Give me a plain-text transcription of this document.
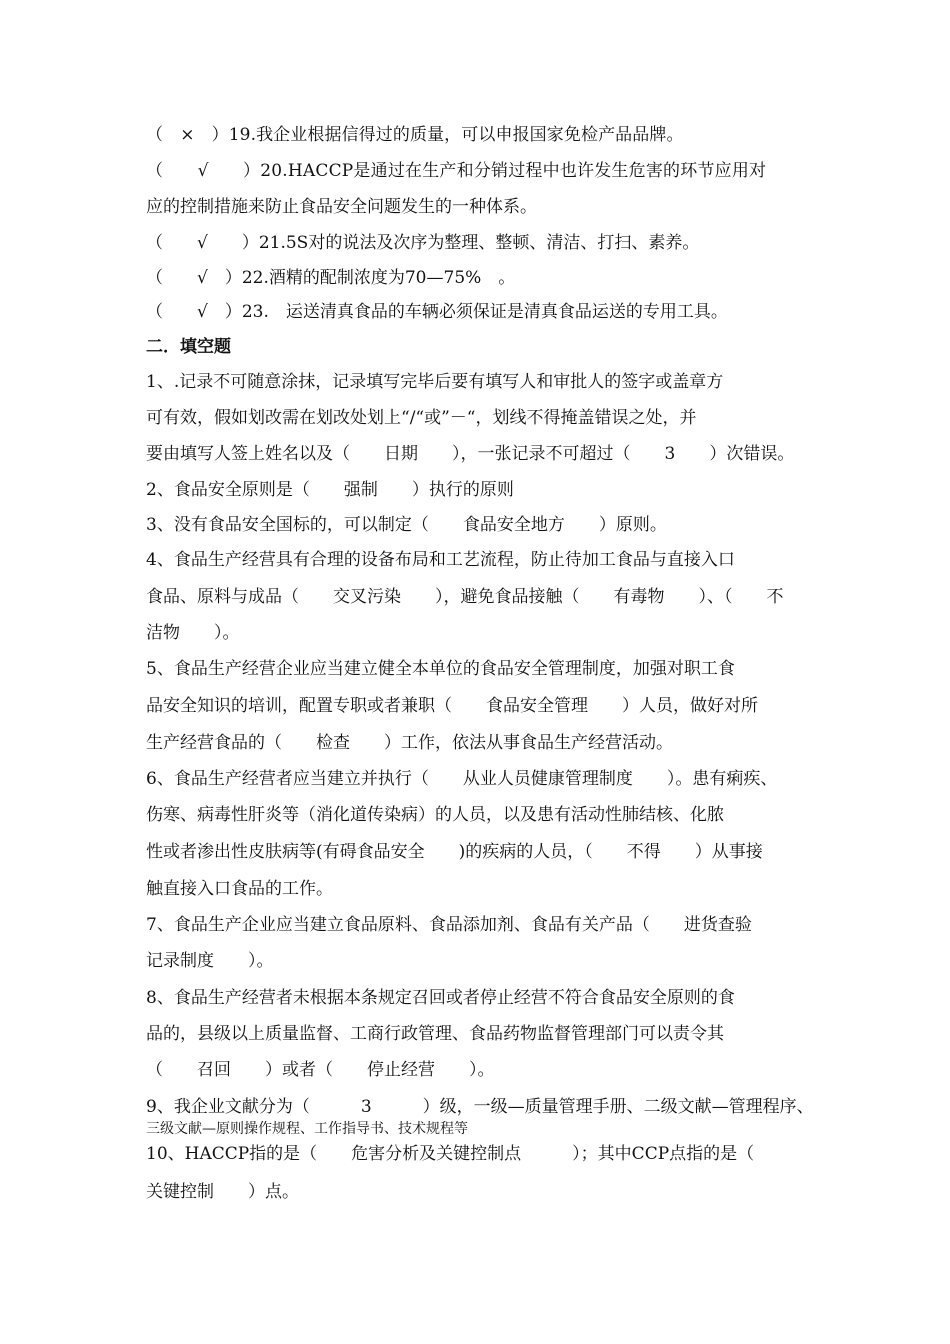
（　×　）19.我企业根据信得过的质量，可以申报国家免检产品品牌。
（　　√　　）20.HACCP是通过在生产和分销过程中也许发生危害的环节应用对
应的控制措施来防止食品安全问题发生的一种体系。
（　　√　　）21.5S对的说法及次序为整理、整顿、清洁、打扫、素养。
（　　√　）22.酒精的配制浓度为70—75%　。
（　　√　）23.　运送清真食品的车辆必须保证是清真食品运送的专用工具。
二．填空题
1、.记录不可随意涂抹，记录填写完毕后要有填写人和审批人的签字或盖章方
可有效，假如划改需在划改处划上“/“或”－“，划线不得掩盖错误之处，并
要由填写人签上姓名以及（　　日期　　），一张记录不可超过（　　3　　）次错误。
2、食品安全原则是（　　强制　　）执行的原则
3、没有食品安全国标的，可以制定（　　食品安全地方　　）原则。
4、食品生产经营具有合理的设备布局和工艺流程，防止待加工食品与直接入口
食品、原料与成品（　　交叉污染　　），避免食品接触（　　有毒物　　）、（　　不
洁物　　）。
5、食品生产经营企业应当建立健全本单位的食品安全管理制度，加强对职工食
品安全知识的培训，配置专职或者兼职（　　食品安全管理　　）人员，做好对所
生产经营食品的（　　检查　　）工作，依法从事食品生产经营活动。
6、食品生产经营者应当建立并执行（　　从业人员健康管理制度　　）。患有痢疾、
伤寒、病毒性肝炎等（消化道传染病）的人员，以及患有活动性肺结核、化脓
性或者渗出性皮肤病等(有碍食品安全　　)的疾病的人员，（　　不得　　）从事接
触直接入口食品的工作。
7、食品生产企业应当建立食品原料、食品添加剂、食品有关产品（　　进货查验
记录制度　　）。
8、食品生产经营者未根据本条规定召回或者停止经营不符合食品安全原则的食
品的，县级以上质量监督、工商行政管理、食品药物监督管理部门可以责令其
（　　召回　　）或者（　　停止经营　　）。
9、我企业文献分为（　　　3　　　）级，一级—质量管理手册、二级文献—管理程序、
三级文献—原则操作规程、工作指导书、技术规程等
10、HACCP指的是（　　危害分析及关键控制点　　　）；其中CCP点指的是（
关键控制　　）点。
